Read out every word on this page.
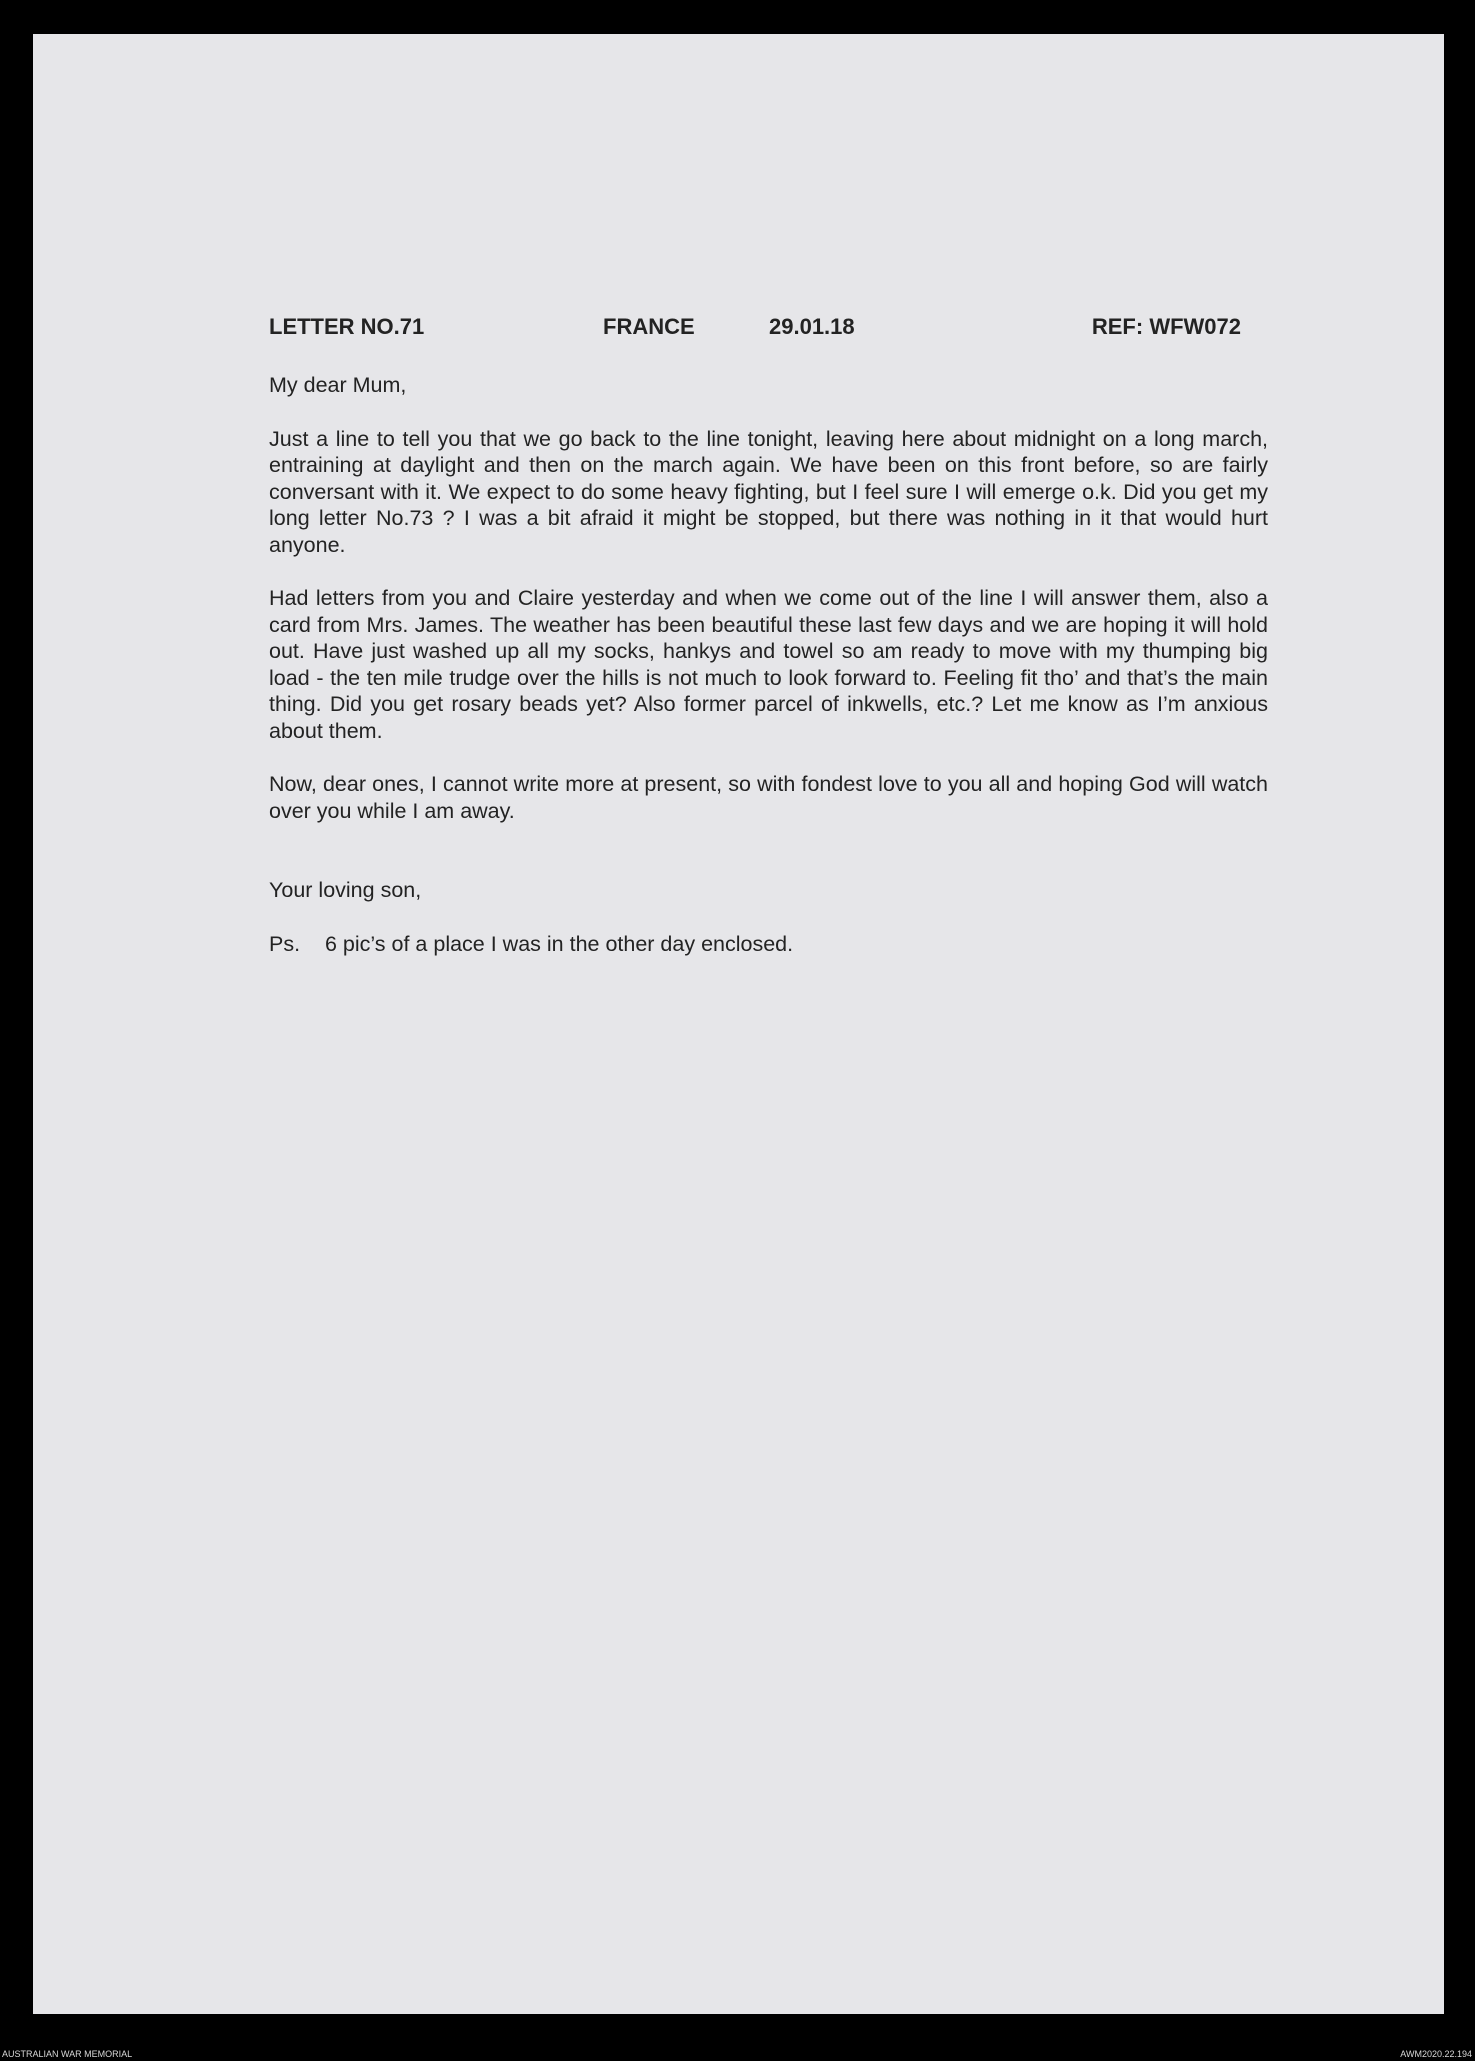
LETTER NO.71	FRANCE	29.01.18	REF: WFW072

My dear Mum,

Just a line to tell you that we go back to the line tonight, leaving here about midnight on a long march, entraining at daylight and then on the march again. We have been on this front before, so are fairly conversant with it. We expect to do some heavy fighting, but I feel sure I will emerge o.k. Did you get my long letter No.73 ? I was a bit afraid it might be stopped, but there was nothing in it that would hurt anyone.

Had letters from you and Claire yesterday and when we come out of the line I will answer them, also a card from Mrs. James. The weather has been beautiful these last few days and we are hoping it will hold out. Have just washed up all my socks, hankys and towel so am ready to move with my thumping big load - the ten mile trudge over the hills is not much to look forward to. Feeling fit tho’ and that’s the main thing. Did you get rosary beads yet? Also former parcel of inkwells, etc.? Let me know as I’m anxious about them.

Now, dear ones, I cannot write more at present, so with fondest love to you all and hoping God will watch over you while I am away.

Your loving son,

Ps. 6 pic’s of a place I was in the other day enclosed.

AUSTRALIAN WAR MEMORIAL	AWM2020.22.194
